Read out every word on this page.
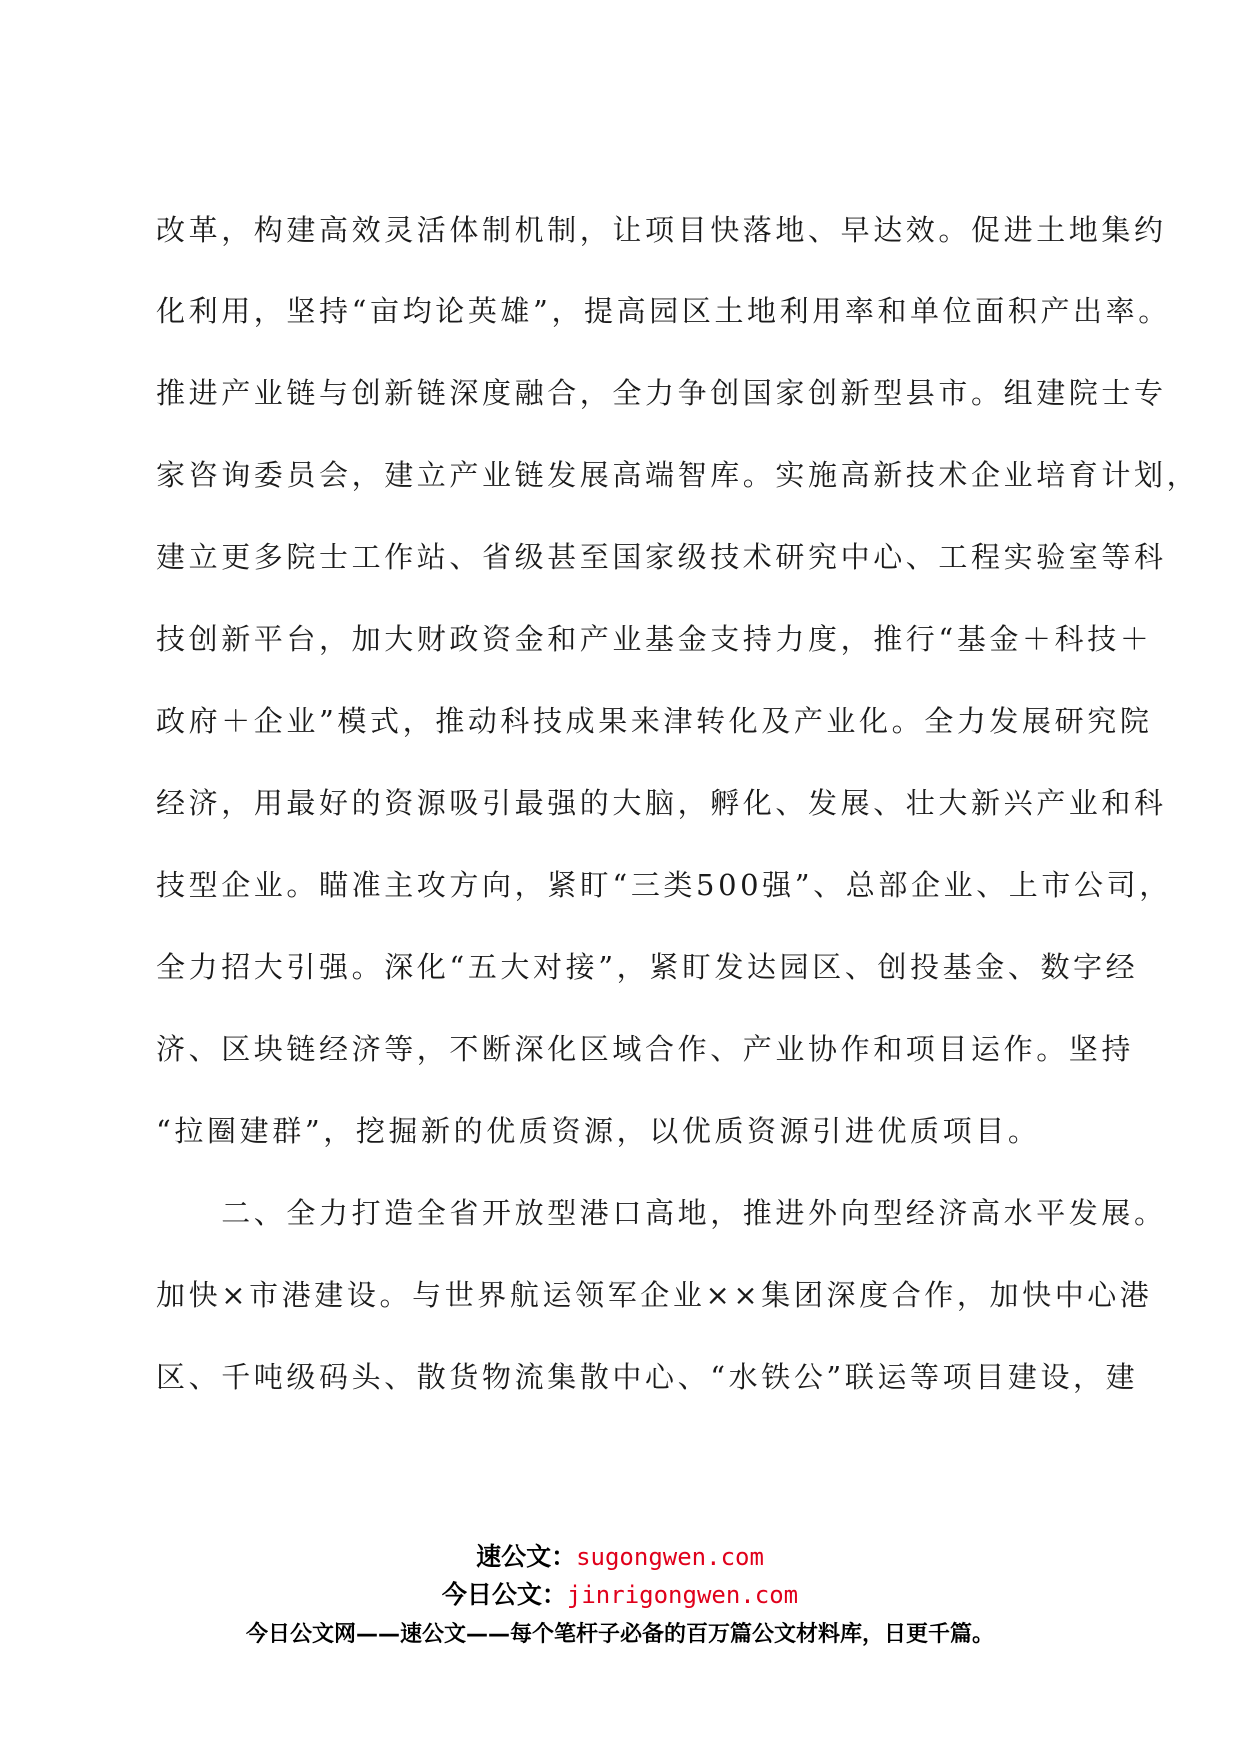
改革，构建高效灵活体制机制，让项目快落地、早达效。促进土地集约
化利用，坚持“亩均论英雄”，提高园区土地利用率和单位面积产出率。
推进产业链与创新链深度融合，全力争创国家创新型县市。组建院士专
家咨询委员会，建立产业链发展高端智库。实施高新技术企业培育计划，
建立更多院士工作站、省级甚至国家级技术研究中心、工程实验室等科
技创新平台，加大财政资金和产业基金支持力度，推行“基金＋科技＋
政府＋企业”模式，推动科技成果来津转化及产业化。全力发展研究院
经济，用最好的资源吸引最强的大脑，孵化、发展、壮大新兴产业和科
技型企业。瞄准主攻方向，紧盯“三类500强”、总部企业、上市公司，
全力招大引强。深化“五大对接”，紧盯发达园区、创投基金、数字经
济、区块链经济等，不断深化区域合作、产业协作和项目运作。坚持
“拉圈建群”，挖掘新的优质资源，以优质资源引进优质项目。
　　二、全力打造全省开放型港口高地，推进外向型经济高水平发展。
加快×市港建设。与世界航运领军企业××集团深度合作，加快中心港
区、千吨级码头、散货物流集散中心、“水铁公”联运等项目建设，建
速公文：sugongwen.com
今日公文：jinrigongwen.com
今日公文网——速公文——每个笔杆子必备的百万篇公文材料库，日更千篇。
